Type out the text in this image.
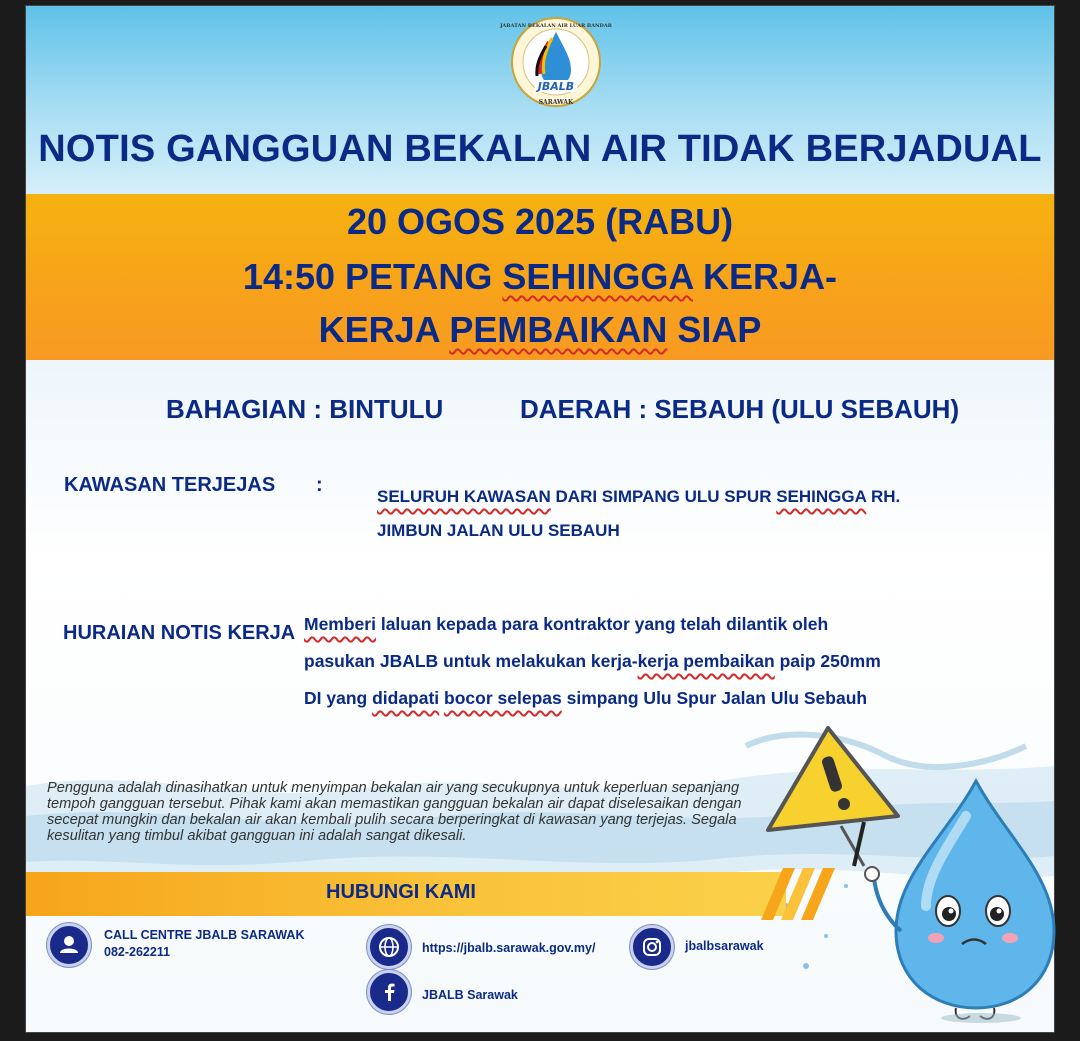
JBALB
SARAWAK
JABATAN BEKALAN AIR LUAR BANDAR
NOTIS GANGGUAN BEKALAN AIR TIDAK BERJADUAL
20 OGOS 2025 (RABU)
14:50 PETANG SEHINGGA KERJA-
KERJA PEMBAIKAN SIAP
BAHAGIAN : BINTULU	DAERAH : SEBAUH (ULU SEBAUH)
KAWASAN TERJEJAS :
SELURUH KAWASAN DARI SIMPANG ULU SPUR SEHINGGA RH. JIMBUN JALAN ULU SEBAUH
HURAIAN NOTIS KERJA Memberi laluan kepada para kontraktor yang telah dilantik oleh pasukan JBALB untuk melakukan kerja-kerja pembaikan paip 250mm DI yang didapati bocor selepas simpang Ulu Spur Jalan Ulu Sebauh
Pengguna adalah dinasihatkan untuk menyimpan bekalan air yang secukupnya untuk keperluan sepanjang tempoh gangguan tersebut. Pihak kami akan memastikan gangguan bekalan air dapat diselesaikan dengan secepat mungkin dan bekalan air akan kembali pulih secara berperingkat di kawasan yang terjejas. Segala kesulitan yang timbul akibat gangguan ini adalah sangat dikesali.
HUBUNGI KAMI
CALL CENTRE JBALB SARAWAK
082-262211	https://jbalb.sarawak.gov.my/	jbalbsarawak
JBALB Sarawak
